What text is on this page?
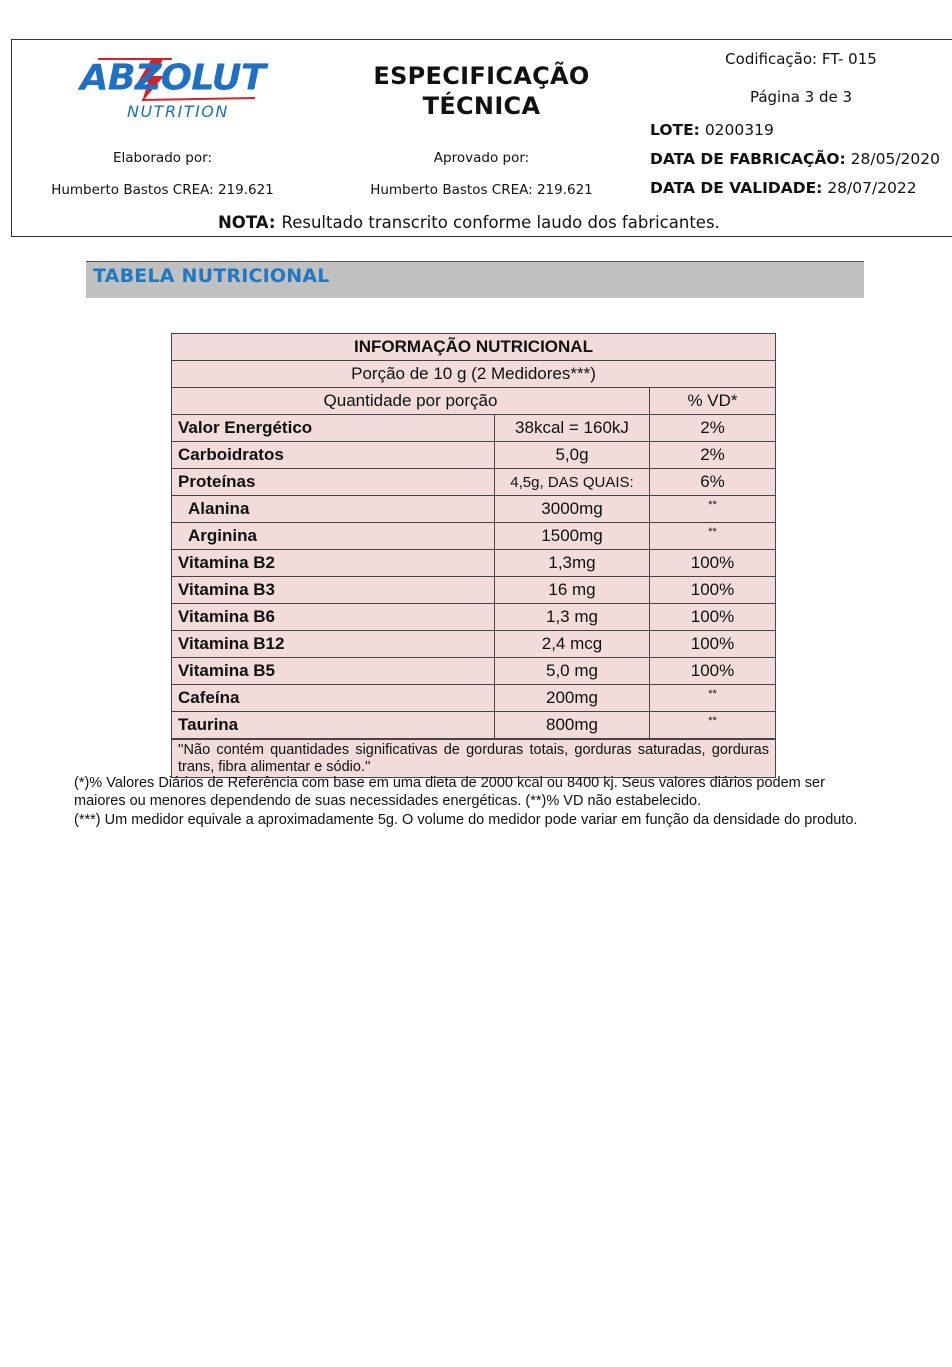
ABZOLUT
NUTRITION
ESPECIFICAÇÃO
TÉCNICA
Codificação: FT- 015
Página 3 de 3
LOTE: 0200319
DATA DE FABRICAÇÃO: 28/05/2020
DATA DE VALIDADE: 28/07/2022
Elaborado por:	Aprovado por:
Humberto Bastos CREA: 219.621	Humberto Bastos CREA: 219.621
NOTA: Resultado transcrito conforme laudo dos fabricantes.
TABELA NUTRICIONAL
INFORMAÇÃO NUTRICIONAL
Porção de 10 g (2 Medidores***)
Quantidade por porção	% VD*
Valor Energético	38kcal = 160kJ	2%
Carboidratos	5,0g	2%
Proteínas	4,5g, DAS QUAIS:	6%
Alanina	3000mg	**
Arginina	1500mg	**
Vitamina B2	1,3mg	100%
Vitamina B3	16 mg	100%
Vitamina B6	1,3 mg	100%
Vitamina B12	2,4 mcg	100%
Vitamina B5	5,0 mg	100%
Cafeína	200mg	**
Taurina	800mg	**
''Não contém quantidades significativas de gorduras totais, gorduras saturadas, gorduras trans, fibra alimentar e sódio.''

(*)% Valores Diários de Referência com base em uma dieta de 2000 kcal ou 8400 kj. Seus valores diários podem ser maiores ou menores dependendo de suas necessidades energéticas. (**)% VD não estabelecido.

(***) Um medidor equivale a aproximadamente 5g. O volume do medidor pode variar em função da densidade do produto.
